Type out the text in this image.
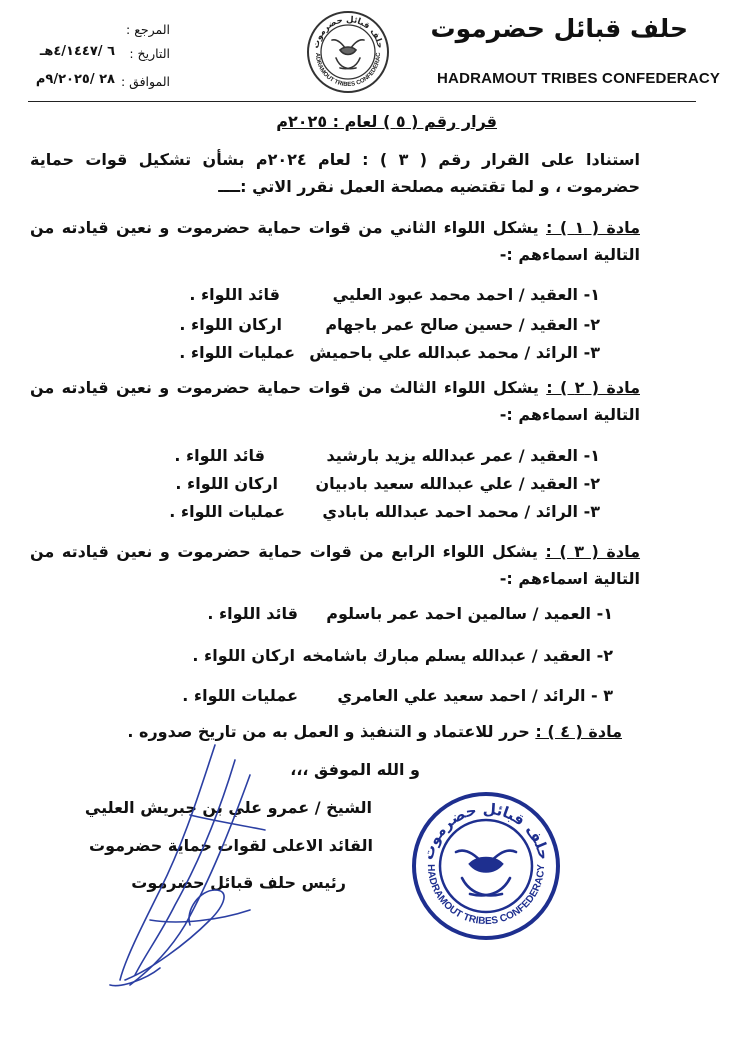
حلف قبائل حضرموت
HADRAMOUT TRIBES CONFEDERACY
حلف قبائل حضرموت
ADRAMOUT TRIBES CONFEDERAC
المرجع :
التاريخ :
٦ /٤/١٤٤٧هـ
الموافق :
٢٨ /٩/٢٠٢٥م
قرار رقم ( ٥ ) لعام : ٢٠٢٥م
استنادا على القرار رقم ( ٣ ) : لعام ٢٠٢٤م بشأن تشكيل قوات حماية حضرموت ، و لما تقتضيه مصلحة العمل نقرر الاتي :ــــ
مادة ( ١ ) : يشكل اللواء الثاني من قوات حماية حضرموت و نعين قيادته من التالية اسماءهم :-
١- العقيد / احمد محمد عبود العليي
قائد اللواء .
٢- العقيد / حسين صالح عمر باجهام
اركان اللواء .
٣- الرائد / محمد عبدالله علي باحميش
عمليات اللواء .
مادة ( ٢ ) : يشكل اللواء الثالث من قوات حماية حضرموت و نعين قيادته من التالية اسماءهم :-
١- العقيد / عمر عبدالله يزيد بارشيد
قائد اللواء .
٢- العقيد / علي عبدالله سعيد بادبيان
اركان اللواء .
٣- الرائد / محمد احمد عبدالله بابادي
عمليات اللواء .
مادة ( ٣ ) : يشكل اللواء الرابع من قوات حماية حضرموت و نعين قيادته من التالية اسماءهم :-
١- العميد / سالمين احمد عمر باسلوم
قائد اللواء .
٢- العقيد / عبدالله يسلم مبارك باشامخه
اركان اللواء .
٣ - الرائد / احمد سعيد علي العامري
عمليات اللواء .
مادة ( ٤ ) : حرر للاعتماد و التنفيذ و العمل به من تاريخ صدوره .
و الله الموفق ،،،
الشيخ / عمرو علي بن حبريش العليي
القائد الاعلى لقوات حماية حضرموت
رئيس حلف قبائل حضرموت
حلف قبائل حضرموت
HADRAMOUT TRIBES CONFEDERACY
